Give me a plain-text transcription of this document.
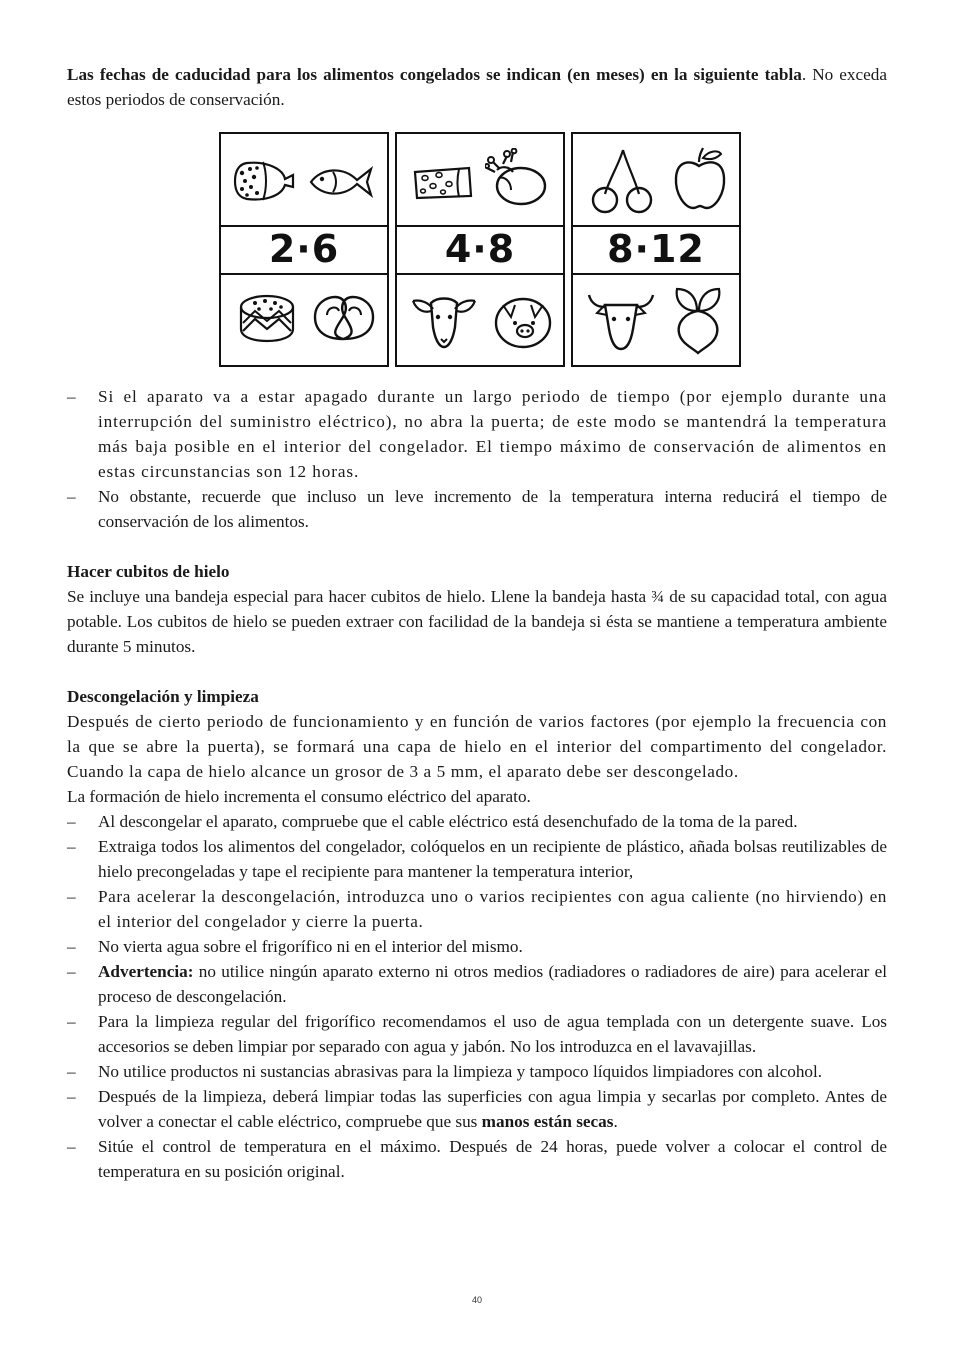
Las fechas de caducidad para los alimentos congelados se indican (en meses) en la siguiente tabla. No exceda estos periodos de conservación.

2·6	4·8 8·12
– Si el aparato va a estar apagado durante un largo periodo de tiempo (por ejemplo durante una interrupción del suministro eléctrico), no abra la puerta; de este modo se mantendrá la temperatura más baja posible en el interior del congelador. El tiempo máximo de conservación de alimentos en estas circunstancias son 12 horas.
– No obstante, recuerde que incluso un leve incremento de la temperatura interna reducirá el tiempo de conservación de los alimentos.

Hacer cubitos de hielo

Se incluye una bandeja especial para hacer cubitos de hielo. Llene la bandeja hasta ¾ de su capacidad total, con agua potable. Los cubitos de hielo se pueden extraer con facilidad de la bandeja si ésta se mantiene a temperatura ambiente durante 5 minutos.

Descongelación y limpieza

Después de cierto periodo de funcionamiento y en función de varios factores (por ejemplo la frecuencia con la que se abre la puerta), se formará una capa de hielo en el interior del compartimento del congelador. Cuando la capa de hielo alcance un grosor de 3 a 5 mm, el aparato debe ser descongelado.

La formación de hielo incrementa el consumo eléctrico del aparato.

– Al descongelar el aparato, compruebe que el cable eléctrico está desenchufado de la toma de la pared.
– Extraiga todos los alimentos del congelador, colóquelos en un recipiente de plástico, añada bolsas reutilizables de hielo precongeladas y tape el recipiente para mantener la temperatura interior,
– Para acelerar la descongelación, introduzca uno o varios recipientes con agua caliente (no hirviendo) en el interior del congelador y cierre la puerta.
– No vierta agua sobre el frigorífico ni en el interior del mismo.
– Advertencia: no utilice ningún aparato externo ni otros medios (radiadores o radiadores de aire) para acelerar el proceso de descongelación.
– Para la limpieza regular del frigorífico recomendamos el uso de agua templada con un detergente suave. Los accesorios se deben limpiar por separado con agua y jabón. No los introduzca en el lavavajillas.
– No utilice productos ni sustancias abrasivas para la limpieza y tampoco líquidos limpiadores con alcohol.
– Después de la limpieza, deberá limpiar todas las superficies con agua limpia y secarlas por completo. Antes de volver a conectar el cable eléctrico, compruebe que sus manos están secas.
– Sitúe el control de temperatura en el máximo. Después de 24 horas, puede volver a colocar el control de temperatura en su posición original.
40
